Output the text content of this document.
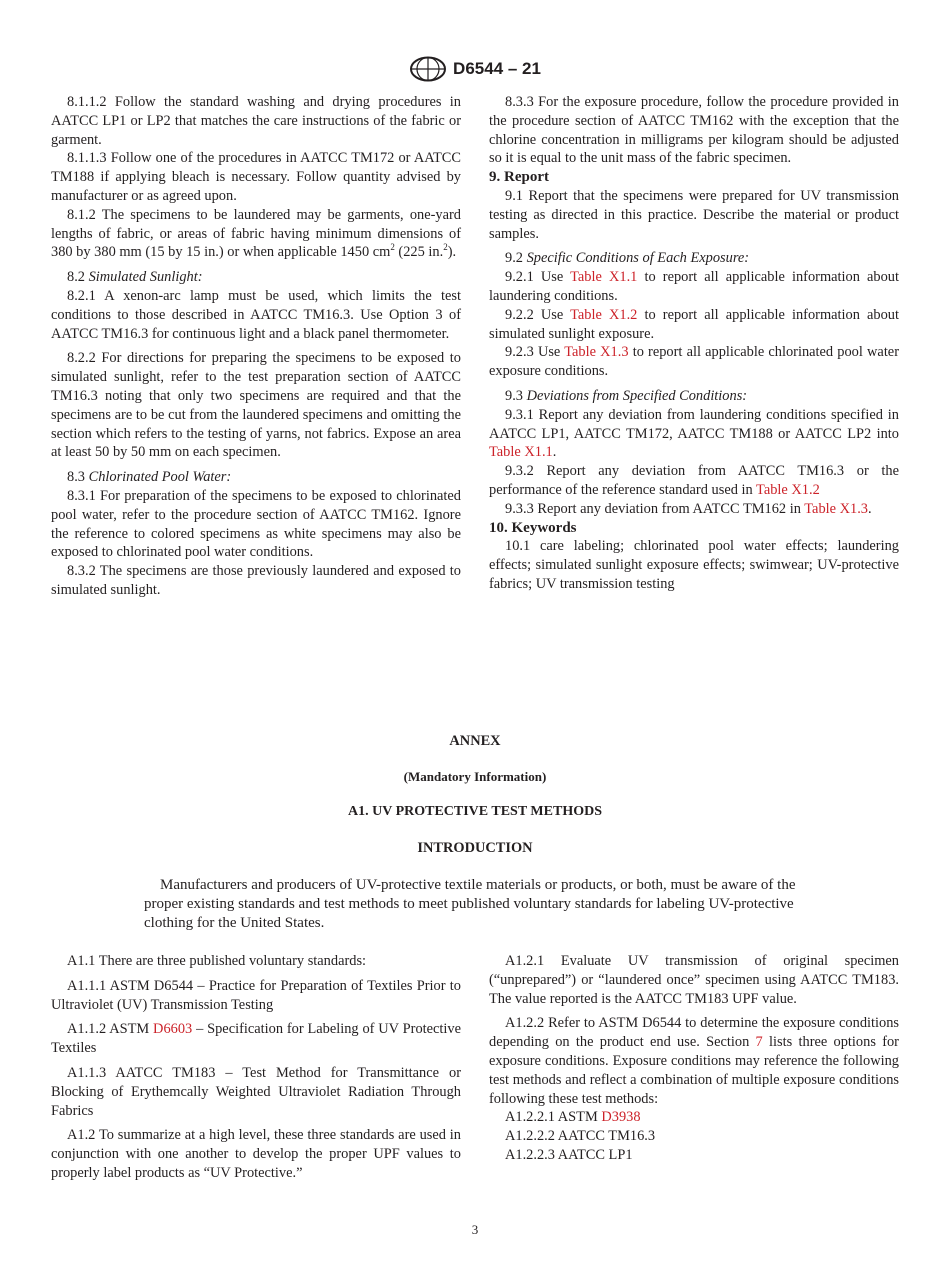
D6544 – 21

8.1.1.2 Follow the standard washing and drying procedures in AATCC LP1 or LP2 that matches the care instructions of the fabric or garment.

8.1.1.3 Follow one of the procedures in AATCC TM172 or AATCC TM188 if applying bleach is necessary. Follow quantity advised by manufacturer or as agreed upon.

8.1.2 The specimens to be laundered may be garments, one-yard lengths of fabric, or areas of fabric having minimum dimensions of 380 by 380 mm (15 by 15 in.) or when applicable 1450 $cm^2$ (225 in.$^2$).

8.2 Simulated Sunlight:

8.2.1 A xenon-arc lamp must be used, which limits the test conditions to those described in AATCC TM16.3. Use Option 3 of AATCC TM16.3 for continuous light and a black panel thermometer.

8.2.2 For directions for preparing the specimens to be exposed to simulated sunlight, refer to the test preparation section of AATCC TM16.3 noting that only two specimens are required and that the specimens are to be cut from the laundered specimens and omitting the section which refers to the testing of yarns, not fabrics. Expose an area at least 50 by 50 mm on each specimen.

8.3 Chlorinated Pool Water:

8.3.1 For preparation of the specimens to be exposed to chlorinated pool water, refer to the procedure section of AATCC TM162. Ignore the reference to colored specimens as white specimens may also be exposed to chlorinated pool water conditions.

8.3.2 The specimens are those previously laundered and exposed to simulated sunlight.

8.3.3 For the exposure procedure, follow the procedure provided in the procedure section of AATCC TM162 with the exception that the chlorine concentration in milligrams per kilogram should be adjusted so it is equal to the unit mass of the fabric specimen.

9. Report

9.1 Report that the specimens were prepared for UV transmission testing as directed in this practice. Describe the material or product samples.

9.2 Specific Conditions of Each Exposure:

9.2.1 Use Table X1.1 to report all applicable information about laundering conditions.

9.2.2 Use Table X1.2 to report all applicable information about simulated sunlight exposure.

9.2.3 Use Table X1.3 to report all applicable chlorinated pool water exposure conditions.

9.3 Deviations from Specified Conditions:

9.3.1 Report any deviation from laundering conditions specified in AATCC LP1, AATCC TM172, AATCC TM188 or AATCC LP2 into Table X1.1.

9.3.2 Report any deviation from AATCC TM16.3 or the performance of the reference standard used in Table X1.2

9.3.3 Report any deviation from AATCC TM162 in Table X1.3.

10. Keywords

10.1 care labeling; chlorinated pool water effects; laundering effects; simulated sunlight exposure effects; swimwear; UV-protective fabrics; UV transmission testing

ANNEX
(Mandatory Information)
A1. UV PROTECTIVE TEST METHODS
INTRODUCTION

Manufacturers and producers of UV-protective textile materials or products, or both, must be aware of the proper existing standards and test methods to meet published voluntary standards for labeling UV-protective clothing for the United States.

A1.1 There are three published voluntary standards:

A1.1.1 ASTM D6544 – Practice for Preparation of Textiles Prior to Ultraviolet (UV) Transmission Testing

A1.1.2 ASTM D6603 – Specification for Labeling of UV Protective Textiles

A1.1.3 AATCC TM183 – Test Method for Transmittance or Blocking of Erythemcally Weighted Ultraviolet Radiation Through Fabrics

A1.2 To summarize at a high level, these three standards are used in conjunction with one another to develop the proper UPF values to properly label products as “UV Protective.”

A1.2.1 Evaluate UV transmission of original specimen (“unprepared”) or “laundered once” specimen using AATCC TM183. The value reported is the AATCC TM183 UPF value.

A1.2.2 Refer to ASTM D6544 to determine the exposure conditions depending on the product end use. Section 7 lists three options for exposure conditions. Exposure conditions may reference the following test methods and reflect a combination of multiple exposure conditions following these test methods:

A1.2.2.1 ASTM D3938

A1.2.2.2 AATCC TM16.3

A1.2.2.3 AATCC LP1

3
